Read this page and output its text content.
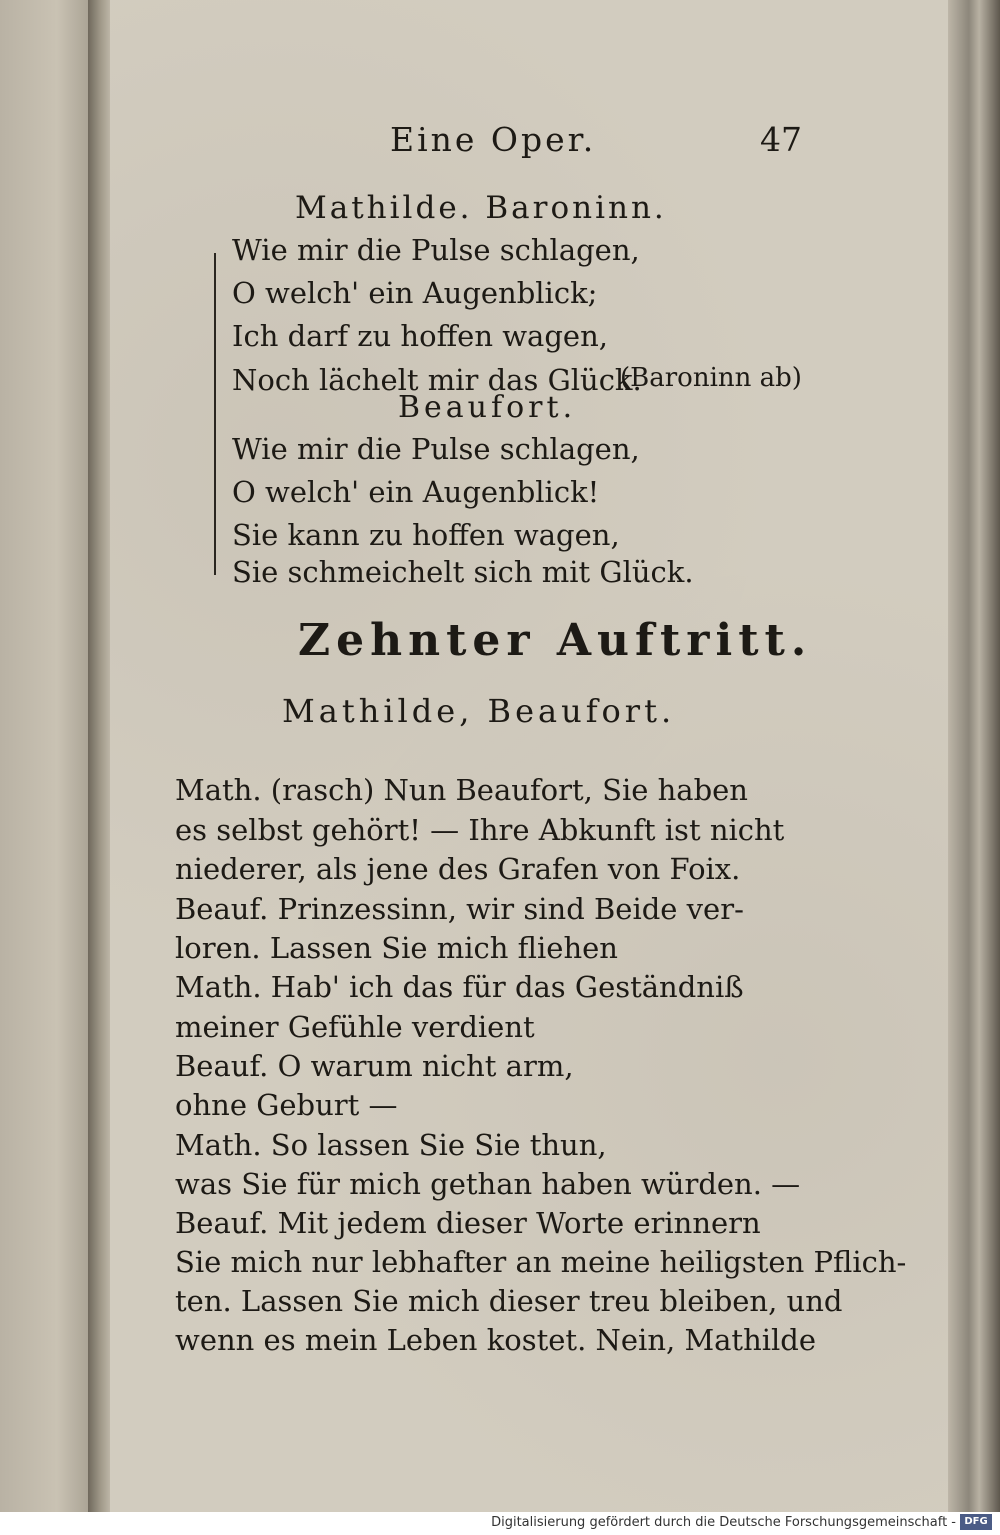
Eine Oper.	47
Mathilde. Baroninn.
Wie mir die Pulse schlagen,
O welch' ein Augenblick;
Ich darf zu hoffen wagen,
Noch lächelt mir das Glück.
(Baroninn ab)
Beaufort.
Wie mir die Pulse schlagen,
O welch' ein Augenblick!
Sie kann zu hoffen wagen,
Sie schmeichelt sich mit Glück.
Zehnter Auftritt.
Mathilde, Beaufort.
Math. (rasch) Nun Beaufort, Sie haben
es selbst gehört! — Ihre Abkunft ist nicht
niederer, als jene des Grafen von Foix.
Beauf. Prinzessinn, wir sind Beide ver-
loren. Lassen Sie mich fliehen
Math. Hab' ich das für das Geständniß
meiner Gefühle verdient
Beauf. O warum nicht arm,
ohne Geburt —
Math. So lassen Sie Sie thun,
was Sie für mich gethan haben würden. —
Beauf. Mit jedem dieser Worte erinnern
Sie mich nur lebhafter an meine heiligsten Pflich-
ten. Lassen Sie mich dieser treu bleiben, und
wenn es mein Leben kostet. Nein, Mathilde
Digitalisierung gefördert durch die Deutsche Forschungsgemeinschaft - DFG
